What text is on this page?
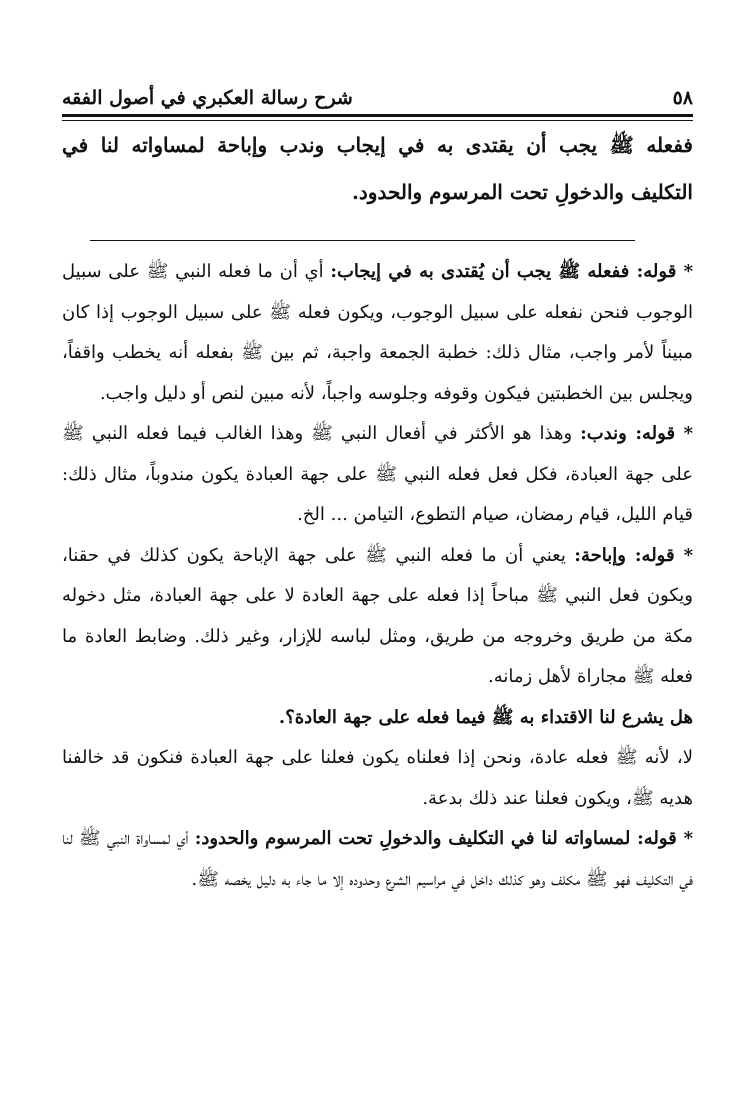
٥٨
شرح رسالة العكبري في أصول الفقه

ففعله ﷺ يجب أن يقتدى به في إيجاب وندب وإباحة لمساواته لنا في التكليف والدخولِ تحت المرسوم والحدود.

* قوله: ففعله ﷺ يجب أن يُقتدى به في إيجاب: أي أن ما فعله النبي ﷺ على سبيل الوجوب فنحن نفعله على سبيل الوجوب، ويكون فعله ﷺ على سبيل الوجوب إذا كان مبيناً لأمر واجب، مثال ذلك: خطبة الجمعة واجبة، ثم بين ﷺ بفعله أنه يخطب واقفاً، ويجلس بين الخطبتين فيكون وقوفه وجلوسه واجباً، لأنه مبين لنص أو دليل واجب.

* قوله: وندب: وهذا هو الأكثر في أفعال النبي ﷺ وهذا الغالب فيما فعله النبي ﷺ على جهة العبادة، فكل فعل فعله النبي ﷺ على جهة العبادة يكون مندوباً، مثال ذلك: قيام الليل، قيام رمضان، صيام التطوع، التيامن ... الخ.

* قوله: وإباحة: يعني أن ما فعله النبي ﷺ على جهة الإباحة يكون كذلك في حقنا، ويكون فعل النبي ﷺ مباحاً إذا فعله على جهة العادة لا على جهة العبادة، مثل دخوله مكة من طريق وخروجه من طريق، ومثل لباسه للإزار، وغير ذلك. وضابط العادة ما فعله ﷺ مجاراة لأهل زمانه.

هل يشرع لنا الاقتداء به ﷺ فيما فعله على جهة العادة؟.

لا، لأنه ﷺ فعله عادة، ونحن إذا فعلناه يكون فعلنا على جهة العبادة فنكون قد خالفنا هديه ﷺ، ويكون فعلنا عند ذلك بدعة.

* قوله: لمساواته لنا في التكليف والدخولِ تحت المرسوم والحدود: أي لمساواة النبي ﷺ لنا في التكليف فهو ﷺ مكلف وهو كذلك داخل في مراسيم الشرع وحدوده إلا ما جاء به دليل يخصه ﷺ.
